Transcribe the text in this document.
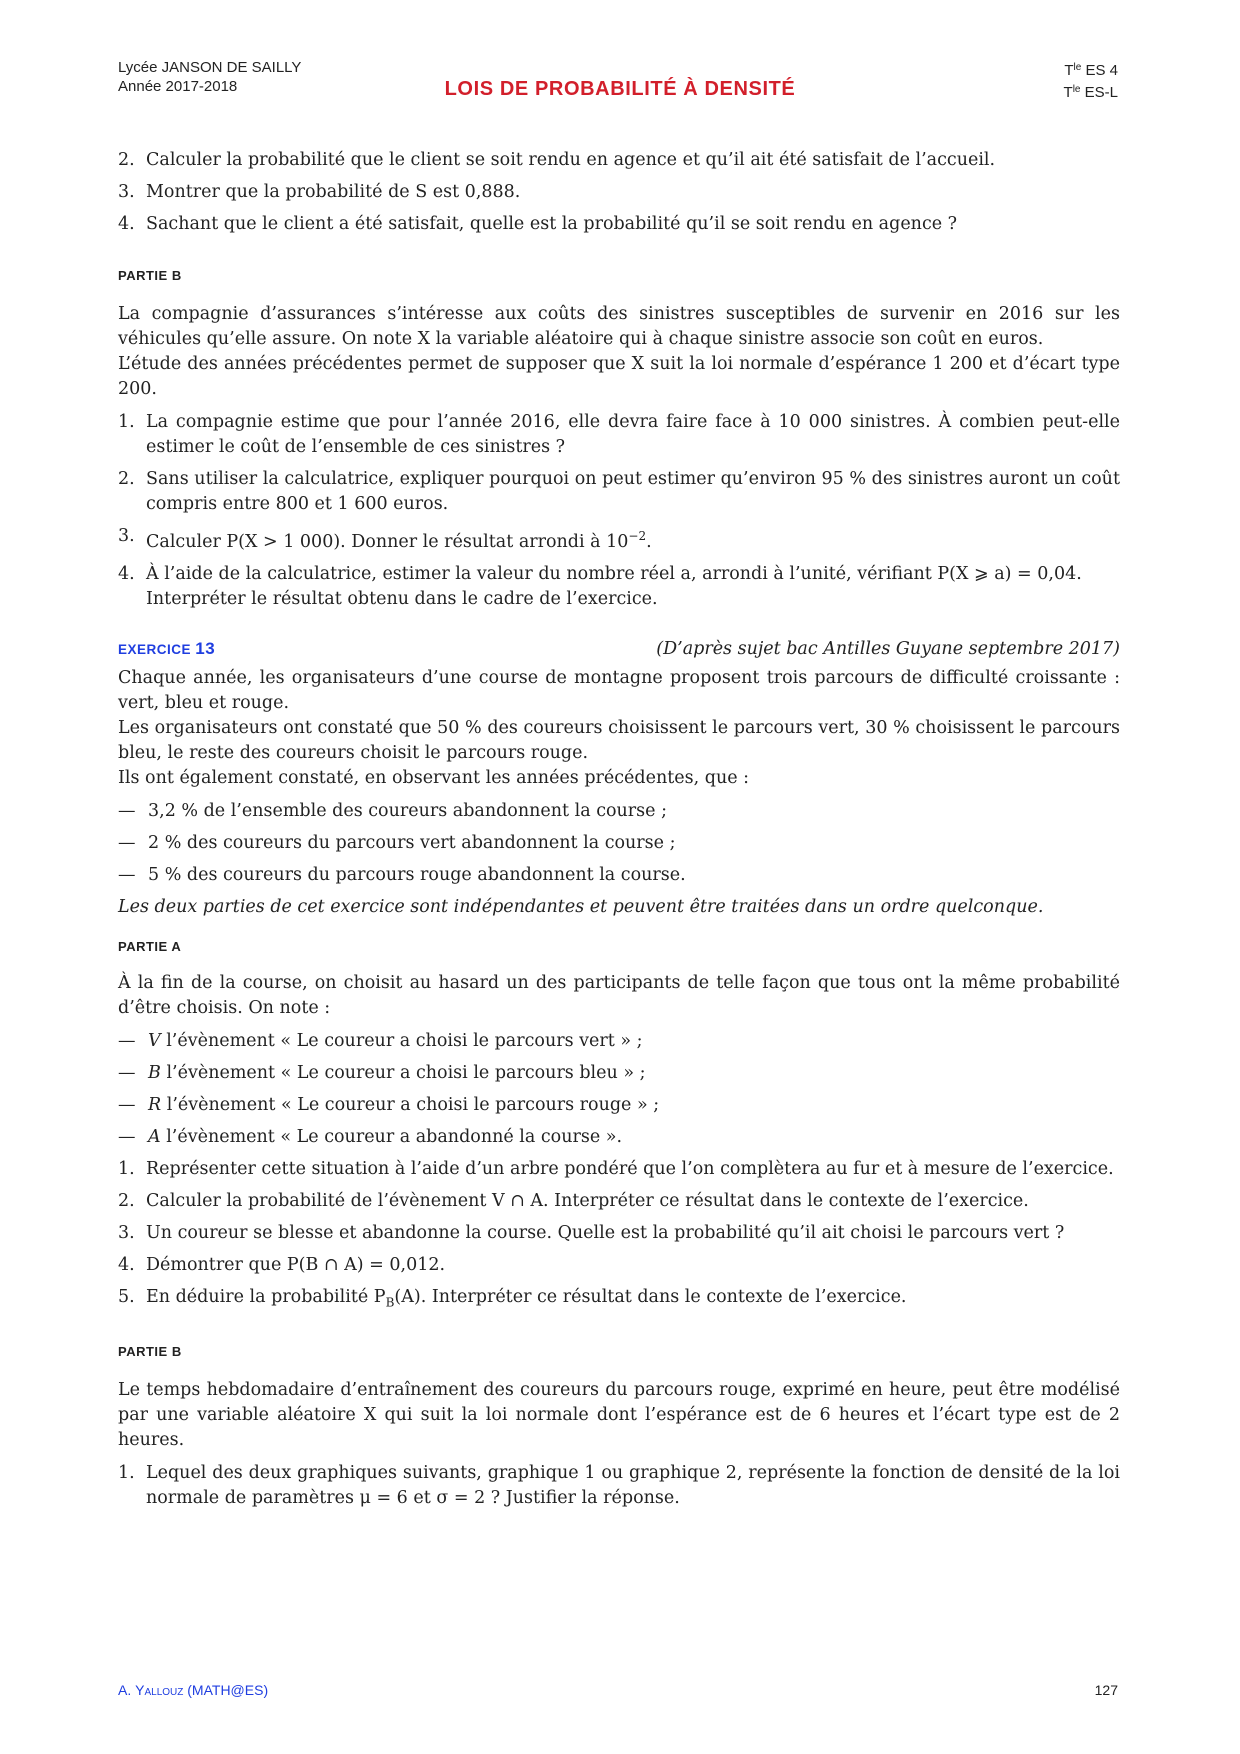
Lycée JANSON DE SAILLY
Année 2017-2018	LOIS DE PROBABILITÉ À DENSITÉ
$T^{le}$ ES 4
$T^{le}$ ES-L
2. Calculer la probabilité que le client se soit rendu en agence et qu’il ait été satisfait de l’accueil.
3. Montrer que la probabilité de S est 0,888.
4. Sachant que le client a été satisfait, quelle est la probabilité qu’il se soit rendu en agence ?
PARTIE B

La compagnie d’assurances s’intéresse aux coûts des sinistres susceptibles de survenir en 2016 sur les véhicules qu’elle assure. On note X la variable aléatoire qui à chaque sinistre associe son coût en euros.

L’étude des années précédentes permet de supposer que X suit la loi normale d’espérance 1 200 et d’écart type 200.

1. La compagnie estime que pour l’année 2016, elle devra faire face à 10 000 sinistres. À combien peut-elle estimer le coût de l’ensemble de ces sinistres ?
2. Sans utiliser la calculatrice, expliquer pourquoi on peut estimer qu’environ 95 % des sinistres auront un coût compris entre 800 et 1 600 euros.
3. Calculer P(X > 1 000). Donner le résultat arrondi à $10^{-2}$.
4. À l’aide de la calculatrice, estimer la valeur du nombre réel a, arrondi à l’unité, vérifiant P(X ⩾ a) = 0,04.
Interpréter le résultat obtenu dans le cadre de l’exercice.
EXERCICE 13	(D’après sujet bac Antilles Guyane septembre 2017)

Chaque année, les organisateurs d’une course de montagne proposent trois parcours de difficulté croissante : vert, bleu et rouge.

Les organisateurs ont constaté que 50 % des coureurs choisissent le parcours vert, 30 % choisissent le parcours bleu, le reste des coureurs choisit le parcours rouge.

Ils ont également constaté, en observant les années précédentes, que :

— 3,2 % de l’ensemble des coureurs abandonnent la course ;
— 2 % des coureurs du parcours vert abandonnent la course ;
— 5 % des coureurs du parcours rouge abandonnent la course.

Les deux parties de cet exercice sont indépendantes et peuvent être traitées dans un ordre quelconque.

PARTIE A

À la fin de la course, on choisit au hasard un des participants de telle façon que tous ont la même probabilité d’être choisis. On note :

— V l’évènement « Le coureur a choisi le parcours vert » ;
— B l’évènement « Le coureur a choisi le parcours bleu » ;
— R l’évènement « Le coureur a choisi le parcours rouge » ;
— A l’évènement « Le coureur a abandonné la course ».
1. Représenter cette situation à l’aide d’un arbre pondéré que l’on complètera au fur et à mesure de l’exercice.
2. Calculer la probabilité de l’évènement V ∩ A. Interpréter ce résultat dans le contexte de l’exercice.
3. Un coureur se blesse et abandonne la course. Quelle est la probabilité qu’il ait choisi le parcours vert ?
4. Démontrer que P(B ∩ A) = 0,012.
5. En déduire la probabilité $P_B(A)$. Interpréter ce résultat dans le contexte de l’exercice.
PARTIE B

Le temps hebdomadaire d’entraînement des coureurs du parcours rouge, exprimé en heure, peut être modélisé par une variable aléatoire X qui suit la loi normale dont l’espérance est de 6 heures et l’écart type est de 2 heures.

1. Lequel des deux graphiques suivants, graphique 1 ou graphique 2, représente la fonction de densité de la loi normale de paramètres μ = 6 et σ = 2 ? Justifier la réponse.
A. Yallouz (MATH@ES)	127
